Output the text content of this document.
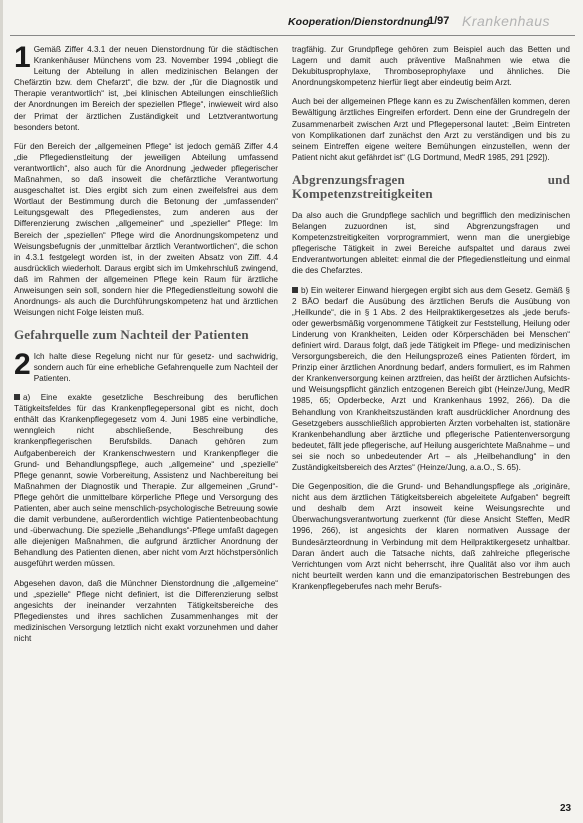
Kooperation/Dienstordnung
1/97 Krankenhaus

1 Gemäß Ziffer 4.3.1 der neuen Dienstordnung für die städtischen Krankenhäuser Münchens vom 23. November 1994 „obliegt die Leitung der Abteilung in allen medizinischen Belangen der Chefärztin bzw. dem Chefarzt“, die bzw. der „für die Diagnostik und Therapie verantwortlich“ ist, „bei klinischen Abteilungen einschließlich der Anordnungen im Bereich der speziellen Pflege“, inwieweit wird also der Primat der ärztlichen Zuständigkeit und Letztverantwortung besonders betont.

Für den Bereich der „allgemeinen Pflege“ ist jedoch gemäß Ziffer 4.4 „die Pflegedienstleitung der jeweiligen Abteilung umfassend verantwortlich“, also auch für die Anordnung „jedweder pflegerischer Maßnahmen, so daß insoweit die chefärztliche Verantwortung ausgeschaltet ist. Dies ergibt sich zum einen zweifelsfrei aus dem Wortlaut der Bestimmung durch die Betonung der „umfassenden“ Leitungsgewalt des Pflegedienstes, zum anderen aus der Differenzierung zwischen „allgemeiner“ und „spezieller“ Pflege: Im Bereich der „speziellen“ Pflege wird die Anordnungskompetenz und Weisungsbefugnis der „unmittelbar ärztlich Verantwortlichen“, die schon in 4.3.1 festgelegt worden ist, in der zweiten Absatz von Ziff. 4.4 ausdrücklich wiederholt. Daraus ergibt sich im Umkehrschluß zwingend, daß im Rahmen der allgemeinen Pflege kein Raum für ärztliche Anweisungen sein soll, sondern hier die Pflegedienstleitung sowohl die Anordnungs- als auch die Durchführungskompetenz hat und ärztlichen Weisungen nicht Folge leisten muß.

Gefahrquelle zum Nachteil der Patienten

2 Ich halte diese Regelung nicht nur für gesetz- und sachwidrig, sondern auch für eine erhebliche Gefahrenquelle zum Nachteil der Patienten.

a) Eine exakte gesetzliche Beschreibung des beruflichen Tätigkeitsfeldes für das Krankenpflegepersonal gibt es nicht, doch enthält das Krankenpflegegesetz vom 4. Juni 1985 eine verbindliche, wenngleich nicht abschließende, Beschreibung des krankenpflegerischen Berufsbilds. Danach gehören zum Aufgabenbereich der Krankenschwestern und Krankenpfleger die Grund- und Behandlungspflege, auch „allgemeine“ und „spezielle“ Pflege genannt, sowie Vorbereitung, Assistenz und Nachbereitung bei Maßnahmen der Diagnostik und Therapie. Zur allgemeinen „Grund“-Pflege gehört die unmittelbare körperliche Pflege und Versorgung des Patienten, aber auch seine menschlich-psychologische Betreuung sowie die damit verbundene, außerordentlich wichtige Patientenbeobachtung und -überwachung. Die spezielle „Behandlungs“-Pflege umfaßt dagegen alle diejenigen Maßnahmen, die aufgrund ärztlicher Anordnung der Behandlung des Patienten dienen, aber nicht vom Arzt höchstpersönlich ausgeführt werden müssen.

Abgesehen davon, daß die Münchner Dienstordnung die „allgemeine“ und „spezielle“ Pflege nicht definiert, ist die Differenzierung selbst angesichts der ineinander verzahnten Tätigkeitsbereiche des Pflegedienstes und ihres sachlichen Zusammenhanges mit der medizinischen Versorgung letztlich nicht exakt vorzunehmen und daher nicht

tragfähig. Zur Grundpflege gehören zum Beispiel auch das Betten und Lagern und damit auch präventive Maßnahmen wie etwa die Dekubitusprophylaxe, Thromboseprophylaxe und ähnliches. Die Anordnungskompetenz hierfür liegt aber eindeutig beim Arzt.

Auch bei der allgemeinen Pflege kann es zu Zwischenfällen kommen, deren Bewältigung ärztliches Eingreifen erfordert. Denn eine der Grundregeln der Zusammenarbeit zwischen Arzt und Pflegepersonal lautet: „Beim Eintreten von Komplikationen darf zunächst den Arzt zu verständigen und bis zu seinem Eintreffen eigene weitere Bemühungen einzustellen, wenn der Patient nicht akut gefährdet ist“ (LG Dortmund, MedR 1985, 291 [292]).

Abgrenzungsfragen und Kompetenzstreitigkeiten

Da also auch die Grundpflege sachlich und begrifflich den medizinischen Belangen zuzuordnen ist, sind Abgrenzungsfragen und Kompetenzstreitigkeiten vorprogrammiert, wenn man die unergiebige pflegerische Tätigkeit in zwei Bereiche aufspaltet und daraus zwei Endverantwortungen ableitet: einmal die der Pflegedienstleitung und einmal die des Chefarztes.

b) Ein weiterer Einwand hiergegen ergibt sich aus dem Gesetz. Gemäß § 2 BÄO bedarf die Ausübung des ärztlichen Berufs die Ausübung von „Heilkunde“, die in § 1 Abs. 2 des Heilpraktikergesetzes als „jede berufs- oder gewerbsmäßig vorgenommene Tätigkeit zur Feststellung, Heilung oder Linderung von Krankheiten, Leiden oder Körperschäden bei Menschen“ definiert wird. Daraus folgt, daß jede Tätigkeit im Pflege- und medizinischen Versorgungsbereich, die den Heilungsprozeß eines Patienten fördert, im Prinzip einer ärztlichen Anordnung bedarf, anders formuliert, es im Rahmen der Krankenversorgung keinen arztfreien, das heißt der ärztlichen Aufsichts- und Weisungspflicht gänzlich entzogenen Bereich gibt (Heinze/Jung, MedR 1985, 65; Opderbecke, Arzt und Krankenhaus 1992, 266). Da die Behandlung von Krankheitszuständen kraft ausdrücklicher Anordnung des Gesetzgebers ausschließlich approbierten Ärzten vorbehalten ist, stationäre Krankenbehandlung aber ärztliche und pflegerische Patientenversorgung bedeutet, fällt jede pflegerische, auf Heilung ausgerichtete Maßnahme – und sei sie noch so unbedeutender Art – als „Heilbehandlung“ in den Zuständigkeitsbereich des Arztes“ (Heinze/Jung, a.a.O., S. 65).

Die Gegenposition, die die Grund- und Behandlungspflege als „originäre, nicht aus dem ärztlichen Tätigkeitsbereich abgeleitete Aufgaben“ begreift und deshalb dem Arzt insoweit keine Weisungsrechte und Überwachungsverantwortung zuerkennt (für diese Ansicht Steffen, MedR 1996, 266), ist angesichts der klaren normativen Aussage der Bundesärzteordnung in Verbindung mit dem Heilpraktikergesetz unhaltbar. Daran ändert auch die Tatsache nichts, daß zahlreiche pflegerische Verrichtungen vom Arzt nicht beherrscht, ihre Qualität also vor ihm auch nicht beurteilt werden kann und die emanzipatorischen Bestrebungen des Krankenpflegeberufes nach mehr Berufs-

23
